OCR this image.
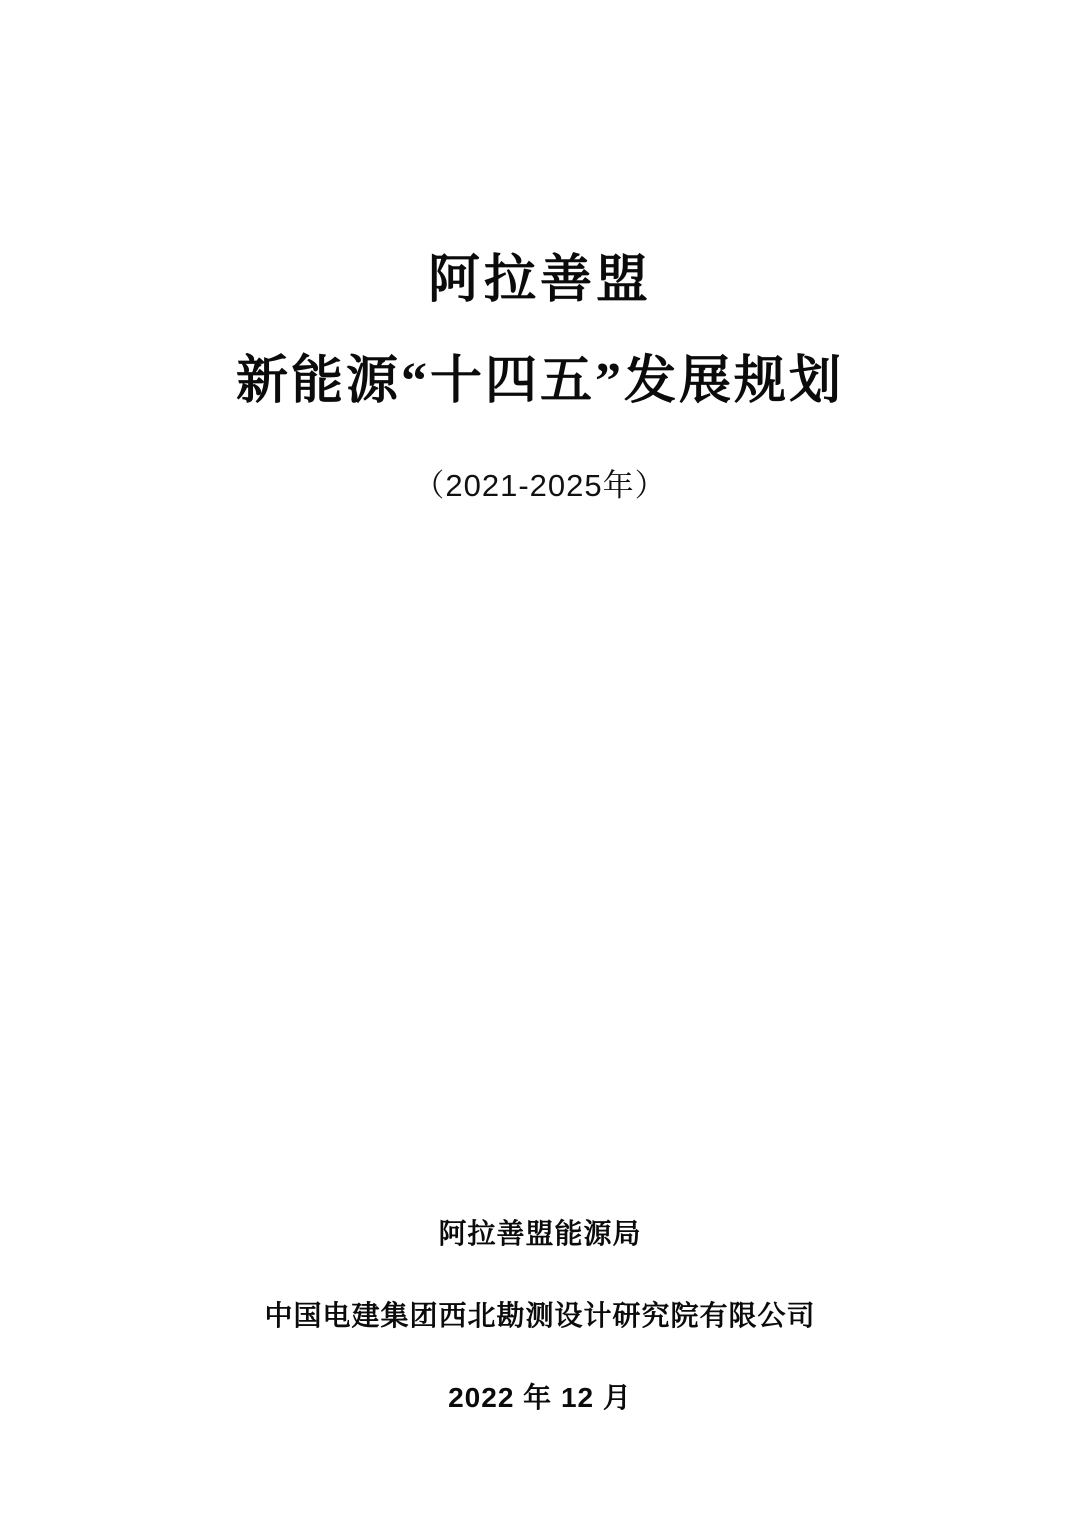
阿拉善盟
新能源“十四五”发展规划
（2021-2025年）
阿拉善盟能源局
中国电建集团西北勘测设计研究院有限公司
2022 年 12 月
